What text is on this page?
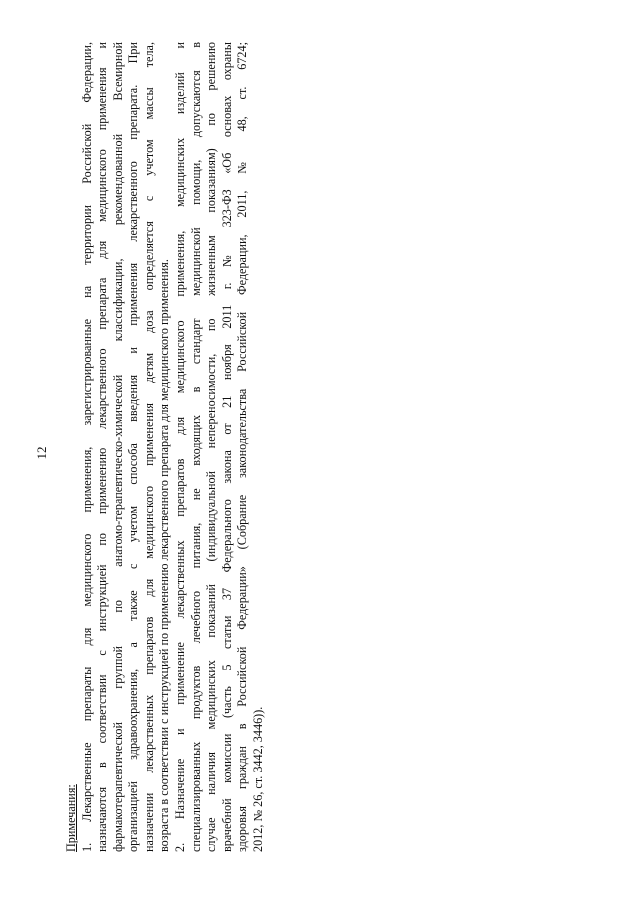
12
Примечания: 1. Лекарственные препараты для медицинского применения, зарегистрированные на территории Российской Федерации, назначаются в соответствии с инструкцией по применению лекарственного препарата для медицинского применения и фармакотерапевтической группой по анатомо-терапевтическо-химической классификации, рекомендованной Всемирной организацией здравоохранения, а также с учетом способа введения и применения лекарственного препарата. При назначении лекарственных препаратов для медицинского применения детям доза определяется с учетом массы тела, возраста в соответствии с инструкцией по применению лекарственного препарата для медицинского применения. 2. Назначение и применение лекарственных препаратов для медицинского применения, медицинских изделий и специализированных продуктов лечебного питания, не входящих в стандарт медицинской помощи, допускаются в случае наличия медицинских показаний (индивидуальной непереносимости, по жизненным показаниям) по решению врачебной комиссии (часть 5 статьи 37 Федерального закона от 21 ноября 2011 г. № 323-ФЗ «Об основах охраны здоровья граждан в Российской Федерации» (Собрание законодательства Российской Федерации, 2011, № 48, ст. 6724; 2012, № 26, ст. 3442, 3446)).
